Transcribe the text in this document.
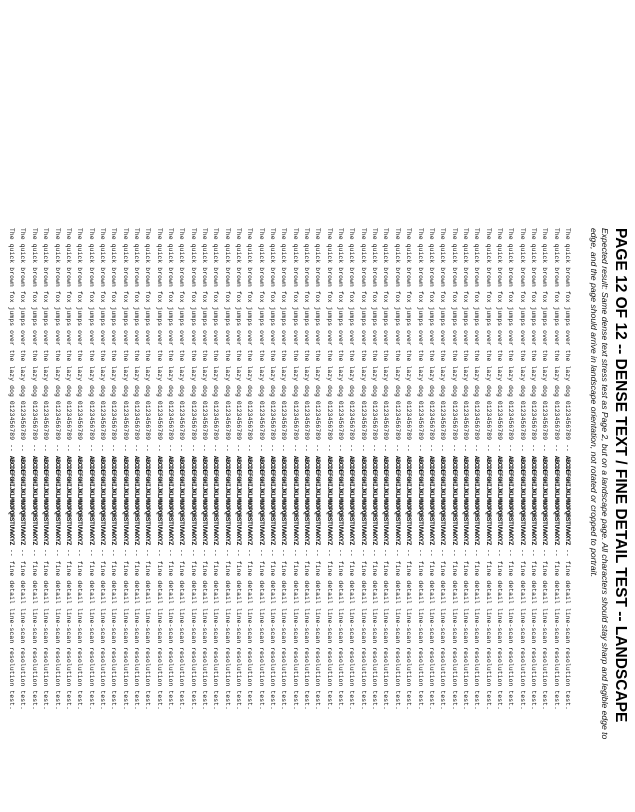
PAGE 12 OF 12 -- DENSE TEXT / FINE DETAIL TEST -- LANDSCAPE

Expected result: Same dense text stress test as Page 2, but on a landscape page. All characters should stay sharp and legible edge to edge, and the page should arrive in landscape orientation, not rotated or cropped to portrait.

The quick brown fox jumps over the lazy dog 0123456789 -- ABCDEFGHIJKLMNOPQRSTUVWXYZ -- fine detail line-scan resolution test.
The quick brown fox jumps over the lazy dog 0123456789 -- ABCDEFGHIJKLMNOPQRSTUVWXYZ -- fine detail line-scan resolution test.
The quick brown fox jumps over the lazy dog 0123456789 -- ABCDEFGHIJKLMNOPQRSTUVWXYZ -- fine detail line-scan resolution test.
The quick brown fox jumps over the lazy dog 0123456789 -- ABCDEFGHIJKLMNOPQRSTUVWXYZ -- fine detail line-scan resolution test.
The quick brown fox jumps over the lazy dog 0123456789 -- ABCDEFGHIJKLMNOPQRSTUVWXYZ -- fine detail line-scan resolution test.
The quick brown fox jumps over the lazy dog 0123456789 -- ABCDEFGHIJKLMNOPQRSTUVWXYZ -- fine detail line-scan resolution test.
The quick brown fox jumps over the lazy dog 0123456789 -- ABCDEFGHIJKLMNOPQRSTUVWXYZ -- fine detail line-scan resolution test.
The quick brown fox jumps over the lazy dog 0123456789 -- ABCDEFGHIJKLMNOPQRSTUVWXYZ -- fine detail line-scan resolution test.
The quick brown fox jumps over the lazy dog 0123456789 -- ABCDEFGHIJKLMNOPQRSTUVWXYZ -- fine detail line-scan resolution test.
The quick brown fox jumps over the lazy dog 0123456789 -- ABCDEFGHIJKLMNOPQRSTUVWXYZ -- fine detail line-scan resolution test.
The quick brown fox jumps over the lazy dog 0123456789 -- ABCDEFGHIJKLMNOPQRSTUVWXYZ -- fine detail line-scan resolution test.
The quick brown fox jumps over the lazy dog 0123456789 -- ABCDEFGHIJKLMNOPQRSTUVWXYZ -- fine detail line-scan resolution test.
The quick brown fox jumps over the lazy dog 0123456789 -- ABCDEFGHIJKLMNOPQRSTUVWXYZ -- fine detail line-scan resolution test.
The quick brown fox jumps over the lazy dog 0123456789 -- ABCDEFGHIJKLMNOPQRSTUVWXYZ -- fine detail line-scan resolution test.
The quick brown fox jumps over the lazy dog 0123456789 -- ABCDEFGHIJKLMNOPQRSTUVWXYZ -- fine detail line-scan resolution test.
The quick brown fox jumps over the lazy dog 0123456789 -- ABCDEFGHIJKLMNOPQRSTUVWXYZ -- fine detail line-scan resolution test.
The quick brown fox jumps over the lazy dog 0123456789 -- ABCDEFGHIJKLMNOPQRSTUVWXYZ -- fine detail line-scan resolution test.
The quick brown fox jumps over the lazy dog 0123456789 -- ABCDEFGHIJKLMNOPQRSTUVWXYZ -- fine detail line-scan resolution test.
The quick brown fox jumps over the lazy dog 0123456789 -- ABCDEFGHIJKLMNOPQRSTUVWXYZ -- fine detail line-scan resolution test.
The quick brown fox jumps over the lazy dog 0123456789 -- ABCDEFGHIJKLMNOPQRSTUVWXYZ -- fine detail line-scan resolution test.
The quick brown fox jumps over the lazy dog 0123456789 -- ABCDEFGHIJKLMNOPQRSTUVWXYZ -- fine detail line-scan resolution test.
The quick brown fox jumps over the lazy dog 0123456789 -- ABCDEFGHIJKLMNOPQRSTUVWXYZ -- fine detail line-scan resolution test.
The quick brown fox jumps over the lazy dog 0123456789 -- ABCDEFGHIJKLMNOPQRSTUVWXYZ -- fine detail line-scan resolution test.
The quick brown fox jumps over the lazy dog 0123456789 -- ABCDEFGHIJKLMNOPQRSTUVWXYZ -- fine detail line-scan resolution test.
The quick brown fox jumps over the lazy dog 0123456789 -- ABCDEFGHIJKLMNOPQRSTUVWXYZ -- fine detail line-scan resolution test.
The quick brown fox jumps over the lazy dog 0123456789 -- ABCDEFGHIJKLMNOPQRSTUVWXYZ -- fine detail line-scan resolution test.
The quick brown fox jumps over the lazy dog 0123456789 -- ABCDEFGHIJKLMNOPQRSTUVWXYZ -- fine detail line-scan resolution test.
The quick brown fox jumps over the lazy dog 0123456789 -- ABCDEFGHIJKLMNOPQRSTUVWXYZ -- fine detail line-scan resolution test.
The quick brown fox jumps over the lazy dog 0123456789 -- ABCDEFGHIJKLMNOPQRSTUVWXYZ -- fine detail line-scan resolution test.
The quick brown fox jumps over the lazy dog 0123456789 -- ABCDEFGHIJKLMNOPQRSTUVWXYZ -- fine detail line-scan resolution test.
The quick brown fox jumps over the lazy dog 0123456789 -- ABCDEFGHIJKLMNOPQRSTUVWXYZ -- fine detail line-scan resolution test.
The quick brown fox jumps over the lazy dog 0123456789 -- ABCDEFGHIJKLMNOPQRSTUVWXYZ -- fine detail line-scan resolution test.
The quick brown fox jumps over the lazy dog 0123456789 -- ABCDEFGHIJKLMNOPQRSTUVWXYZ -- fine detail line-scan resolution test.
The quick brown fox jumps over the lazy dog 0123456789 -- ABCDEFGHIJKLMNOPQRSTUVWXYZ -- fine detail line-scan resolution test.
The quick brown fox jumps over the lazy dog 0123456789 -- ABCDEFGHIJKLMNOPQRSTUVWXYZ -- fine detail line-scan resolution test.
The quick brown fox jumps over the lazy dog 0123456789 -- ABCDEFGHIJKLMNOPQRSTUVWXYZ -- fine detail line-scan resolution test.
The quick brown fox jumps over the lazy dog 0123456789 -- ABCDEFGHIJKLMNOPQRSTUVWXYZ -- fine detail line-scan resolution test.
The quick brown fox jumps over the lazy dog 0123456789 -- ABCDEFGHIJKLMNOPQRSTUVWXYZ -- fine detail line-scan resolution test.
The quick brown fox jumps over the lazy dog 0123456789 -- ABCDEFGHIJKLMNOPQRSTUVWXYZ -- fine detail line-scan resolution test.
The quick brown fox jumps over the lazy dog 0123456789 -- ABCDEFGHIJKLMNOPQRSTUVWXYZ -- fine detail line-scan resolution test.
The quick brown fox jumps over the lazy dog 0123456789 -- ABCDEFGHIJKLMNOPQRSTUVWXYZ -- fine detail line-scan resolution test.
The quick brown fox jumps over the lazy dog 0123456789 -- ABCDEFGHIJKLMNOPQRSTUVWXYZ -- fine detail line-scan resolution test.
The quick brown fox jumps over the lazy dog 0123456789 -- ABCDEFGHIJKLMNOPQRSTUVWXYZ -- fine detail line-scan resolution test.
The quick brown fox jumps over the lazy dog 0123456789 -- ABCDEFGHIJKLMNOPQRSTUVWXYZ -- fine detail line-scan resolution test.
The quick brown fox jumps over the lazy dog 0123456789 -- ABCDEFGHIJKLMNOPQRSTUVWXYZ -- fine detail line-scan resolution test.
The quick brown fox jumps over the lazy dog 0123456789 -- ABCDEFGHIJKLMNOPQRSTUVWXYZ -- fine detail line-scan resolution test.
The quick brown fox jumps over the lazy dog 0123456789 -- ABCDEFGHIJKLMNOPQRSTUVWXYZ -- fine detail line-scan resolution test.
The quick brown fox jumps over the lazy dog 0123456789 -- ABCDEFGHIJKLMNOPQRSTUVWXYZ -- fine detail line-scan resolution test.
The quick brown fox jumps over the lazy dog 0123456789 -- ABCDEFGHIJKLMNOPQRSTUVWXYZ -- fine detail line-scan resolution test.
The quick brown fox jumps over the lazy dog 0123456789 -- ABCDEFGHIJKLMNOPQRSTUVWXYZ -- fine detail line-scan resolution test.
